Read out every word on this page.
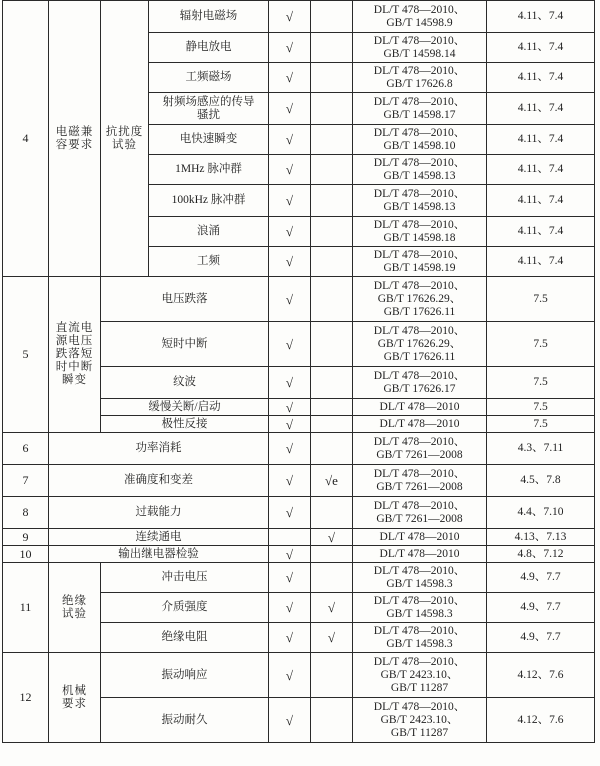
4	电磁兼
容要求	抗扰度
试验	辐射电磁场	√		DL/T 478—2010、
GB/T 14598.9	4.11、7.4
			静电放电	√		DL/T 478—2010、
GB/T 14598.14	4.11、7.4
			工频磁场	√		DL/T 478—2010、
GB/T 17626.8	4.11、7.4
			射频场感应的传导
骚扰	√		DL/T 478—2010、
GB/T 14598.17	4.11、7.4
			电快速瞬变	√		DL/T 478—2010、
GB/T 14598.10	4.11、7.4
			1MHz 脉冲群	√		DL/T 478—2010、
GB/T 14598.13	4.11、7.4
			100kHz 脉冲群	√		DL/T 478—2010、
GB/T 14598.13	4.11、7.4
			浪涌	√		DL/T 478—2010、
GB/T 14598.18	4.11、7.4
			工频	√		DL/T 478—2010、
GB/T 14598.19	4.11、7.4
5	直流电
源电压
跌落短
时中断
瞬变	电压跌落		√		DL/T 478—2010、
GB/T 17626.29、
GB/T 17626.11	7.5
		短时中断		√		DL/T 478—2010、
GB/T 17626.29、
GB/T 17626.11	7.5
		纹波		√		DL/T 478—2010、
GB/T 17626.17	7.5
		缓慢关断/启动		√		DL/T 478—2010	7.5
		极性反接		√		DL/T 478—2010	7.5
6	功率消耗			√		DL/T 478—2010、
GB/T 7261—2008	4.3、7.11
7	准确度和变差			√	√e	DL/T 478—2010、
GB/T 7261—2008	4.5、7.8
8	过载能力			√		DL/T 478—2010、
GB/T 7261—2008	4.4、7.10
9	连续通电				√	DL/T 478—2010	4.13、7.13
10	输出继电器检验			√		DL/T 478—2010	4.8、7.12
11	绝缘
试验	冲击电压		√		DL/T 478—2010、
GB/T 14598.3	4.9、7.7
		介质强度		√	√	DL/T 478—2010、
GB/T 14598.3	4.9、7.7
		绝缘电阻		√	√	DL/T 478—2010、
GB/T 14598.3	4.9、7.7
12	机械
要求	振动响应		√		DL/T 478—2010、
GB/T 2423.10、
GB/T 11287	4.12、7.6
		振动耐久		√		DL/T 478—2010、
GB/T 2423.10、
GB/T 11287	4.12、7.6
